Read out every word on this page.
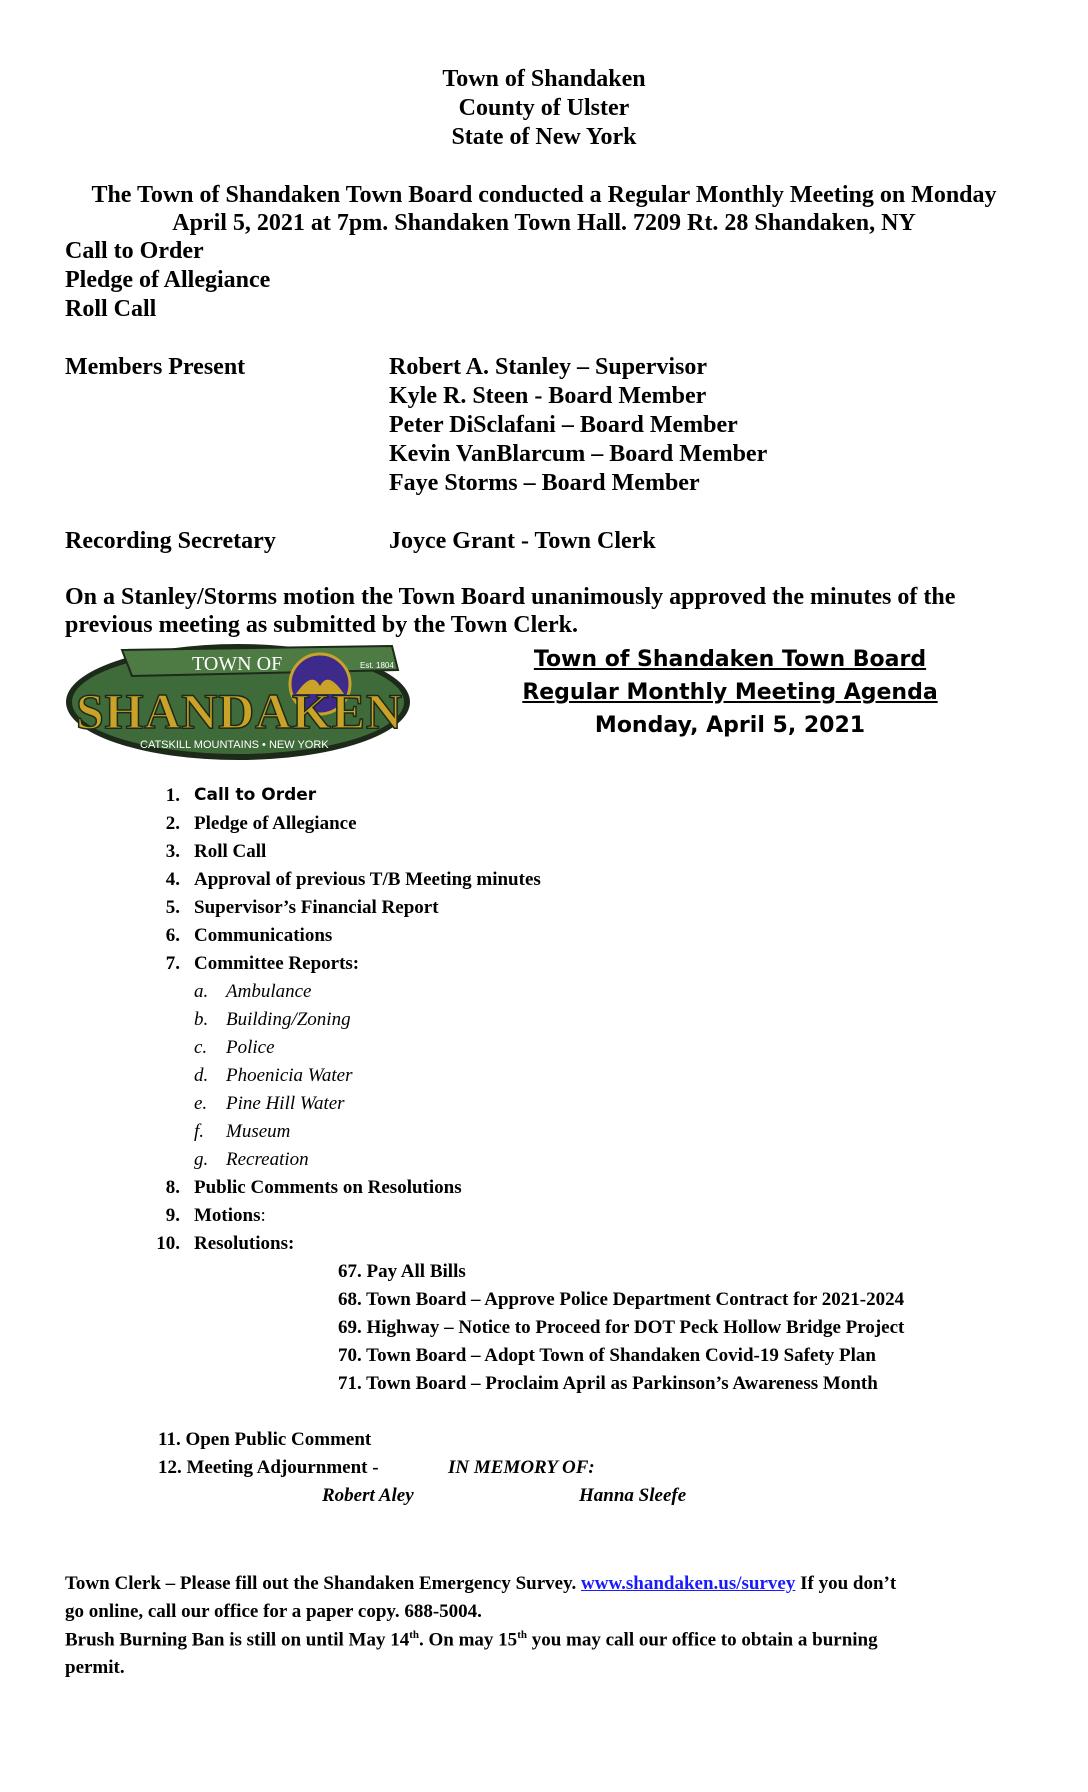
Town of Shandaken
County of Ulster
State of New York
The Town of Shandaken Town Board conducted a Regular Monthly Meeting on Monday
April 5, 2021 at 7pm. Shandaken Town Hall. 7209 Rt. 28 Shandaken, NY
Call to Order
Pledge of Allegiance
Roll Call
Members Present	Robert A. Stanley – Supervisor
Kyle R. Steen - Board Member
Peter DiSclafani – Board Member
Kevin VanBlarcum – Board Member
Faye Storms – Board Member
Recording Secretary	Joyce Grant - Town Clerk
On a Stanley/Storms motion the Town Board unanimously approved the minutes of the
previous meeting as submitted by the Town Clerk.
TOWN OF	Est. 1804
SHANDAKEN
CATSKILL MOUNTAINS • NEW YORK
Town of Shandaken Town Board
Regular Monthly Meeting Agenda
Monday, April 5, 2021
1. Call to Order
2. Pledge of Allegiance
3. Roll Call
4. Approval of previous T/B Meeting minutes
5. Supervisor’s Financial Report
6. Communications
7. Committee Reports:
a. Ambulance
b. Building/Zoning
c. Police
d. Phoenicia Water
e. Pine Hill Water
f. Museum
g. Recreation
8. Public Comments on Resolutions
9. Motions:
10. Resolutions:
67. Pay All Bills
68. Town Board – Approve Police Department Contract for 2021-2024
69. Highway – Notice to Proceed for DOT Peck Hollow Bridge Project
70. Town Board – Adopt Town of Shandaken Covid-19 Safety Plan
71. Town Board – Proclaim April as Parkinson’s Awareness Month
11. Open Public Comment
12. Meeting Adjournment -	IN MEMORY OF:
Robert Aley	Hanna Sleefe
Town Clerk – Please fill out the Shandaken Emergency Survey. www.shandaken.us/survey If you don’t
go online, call our office for a paper copy. 688-5004.
Brush Burning Ban is still on until May 14th. On may 15th you may call our office to obtain a burning
permit.
